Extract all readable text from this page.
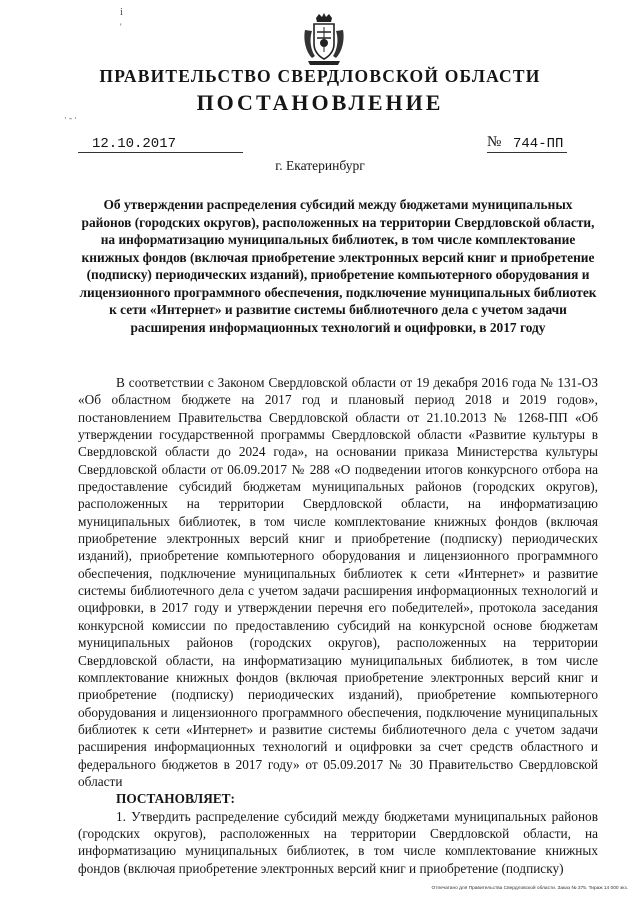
і
'
·-·
ПРАВИТЕЛЬСТВО СВЕРДЛОВСКОЙ ОБЛАСТИ
ПОСТАНОВЛЕНИЕ
12.10.2017	№ 744-ПП
г. Екатеринбург
Об утверждении распределения субсидий между бюджетами муниципальных районов (городских округов), расположенных на территории Свердловской области, на информатизацию муниципальных библиотек, в том числе комплектование книжных фондов (включая приобретение электронных версий книг и приобретение (подписку) периодических изданий), приобретение компьютерного оборудования и лицензионного программного обеспечения, подключение муниципальных библиотек к сети «Интернет» и развитие системы библиотечного дела с учетом задачи расширения информационных технологий и оцифровки, в 2017 году

В соответствии с Законом Свердловской области от 19 декабря 2016 года № 131-ОЗ «Об областном бюджете на 2017 год и плановый период 2018 и 2019 годов», постановлением Правительства Свердловской области от 21.10.2013 № 1268-ПП «Об утверждении государственной программы Свердловской области «Развитие культуры в Свердловской области до 2024 года», на основании приказа Министерства культуры Свердловской области от 06.09.2017 № 288 «О подведении итогов конкурсного отбора на предоставление субсидий бюджетам муниципальных районов (городских округов), расположенных на территории Свердловской области, на информатизацию муниципальных библиотек, в том числе комплектование книжных фондов (включая приобретение электронных версий книг и приобретение (подписку) периодических изданий), приобретение компьютерного оборудования и лицензионного программного обеспечения, подключение муниципальных библиотек к сети «Интернет» и развитие системы библиотечного дела с учетом задачи расширения информационных технологий и оцифровки, в 2017 году и утверждении перечня его победителей», протокола заседания конкурсной комиссии по предоставлению субсидий на конкурсной основе бюджетам муниципальных районов (городских округов), расположенных на территории Свердловской области, на информатизацию муниципальных библиотек, в том числе комплектование книжных фондов (включая приобретение электронных версий книг и приобретение (подписку) периодических изданий), приобретение компьютерного оборудования и лицензионного программного обеспечения, подключение муниципальных библиотек к сети «Интернет» и развитие системы библиотечного дела с учетом задачи расширения информационных технологий и оцифровки за счет средств областного и федерального бюджетов в 2017 году» от 05.09.2017 № 30 Правительство Свердловской области

ПОСТАНОВЛЯЕТ:

1. Утвердить распределение субсидий между бюджетами муниципальных районов (городских округов), расположенных на территории Свердловской области, на информатизацию муниципальных библиотек, в том числе комплектование книжных фондов (включая приобретение электронных версий книг и приобретение (подписку)

Отпечатано для Правительства Свердловской области. Заказ № 375. Тираж 14 000 экз.
